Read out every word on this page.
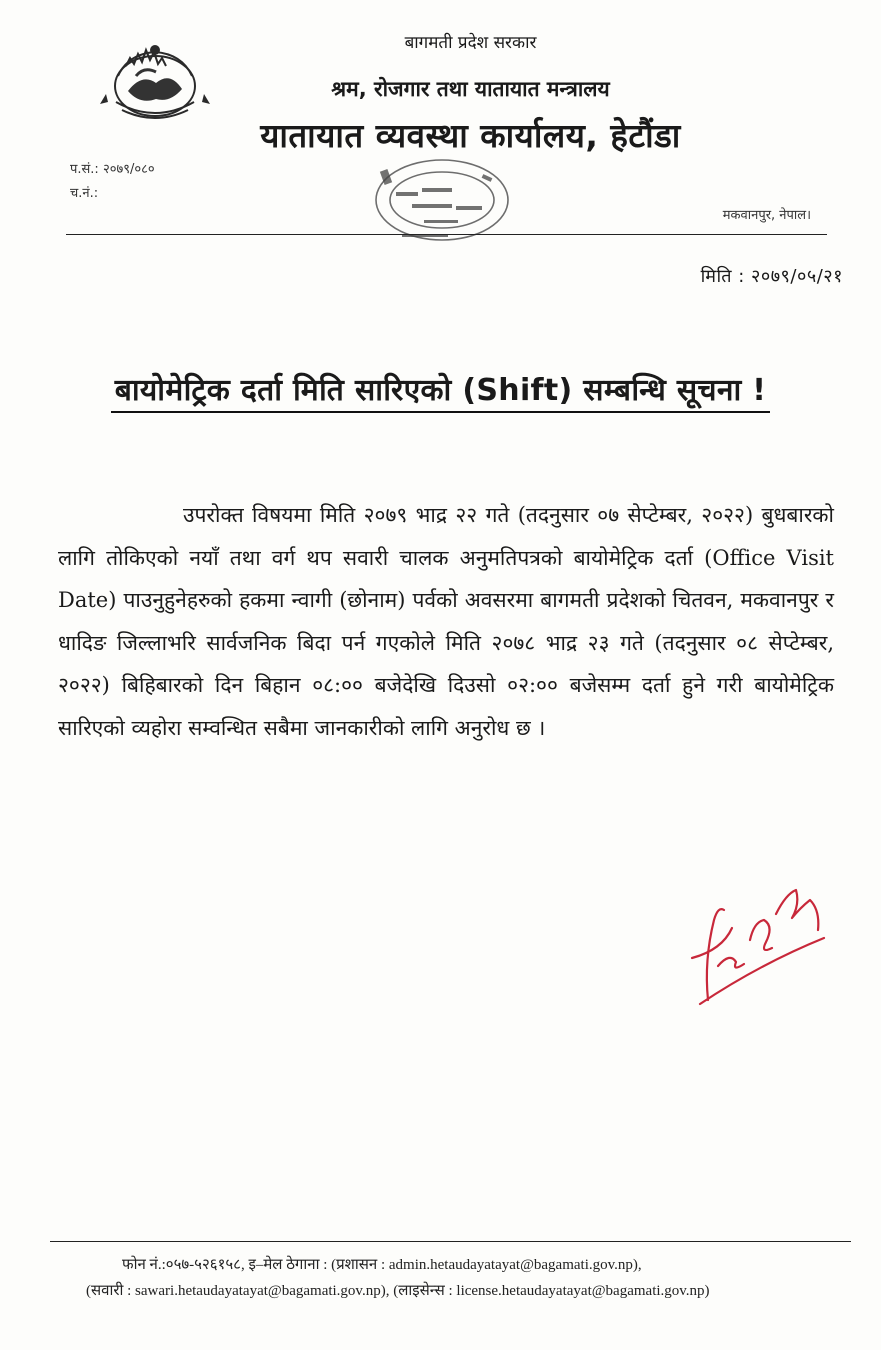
बागमती प्रदेश सरकार
श्रम, रोजगार तथा यातायात मन्त्रालय
यातायात व्यवस्था कार्यालय, हेटौंडा
प.सं.: २०७९/०८०
च.नं.:
मकवानपुर, नेपाल।
मिति : २०७९/०५/२१
बायोमेट्रिक दर्ता मिति सारिएको (Shift) सम्बन्धि सूचना !
उपरोक्त विषयमा मिति २०७९ भाद्र २२ गते (तदनुसार ०७ सेप्टेम्बर, २०२२) बुधबारको लागि तोकिएको नयाँ तथा वर्ग थप सवारी चालक अनुमतिपत्रको बायोमेट्रिक दर्ता (Office Visit Date) पाउनुहुनेहरुको हकमा न्वागी (छोनाम) पर्वको अवसरमा बागमती प्रदेशको चितवन, मकवानपुर र धादिङ जिल्लाभरि सार्वजनिक बिदा पर्न गएकोले मिति २०७८ भाद्र २३ गते (तदनुसार ०८ सेप्टेम्बर, २०२२) बिहिबारको दिन बिहान ०८:०० बजेदेखि दिउसो ०२:०० बजेसम्म दर्ता हुने गरी बायोमेट्रिक सारिएको व्यहोरा सम्वन्धित सबैमा जानकारीको लागि अनुरोध छ ।
फोन नं.:०५७-५२६१५८, इ–मेल ठेगाना : (प्रशासन : admin.hetaudayatayat@bagamati.gov.np),
(सवारी : sawari.hetaudayatayat@bagamati.gov.np), (लाइसेन्स : license.hetaudayatayat@bagamati.gov.np)
